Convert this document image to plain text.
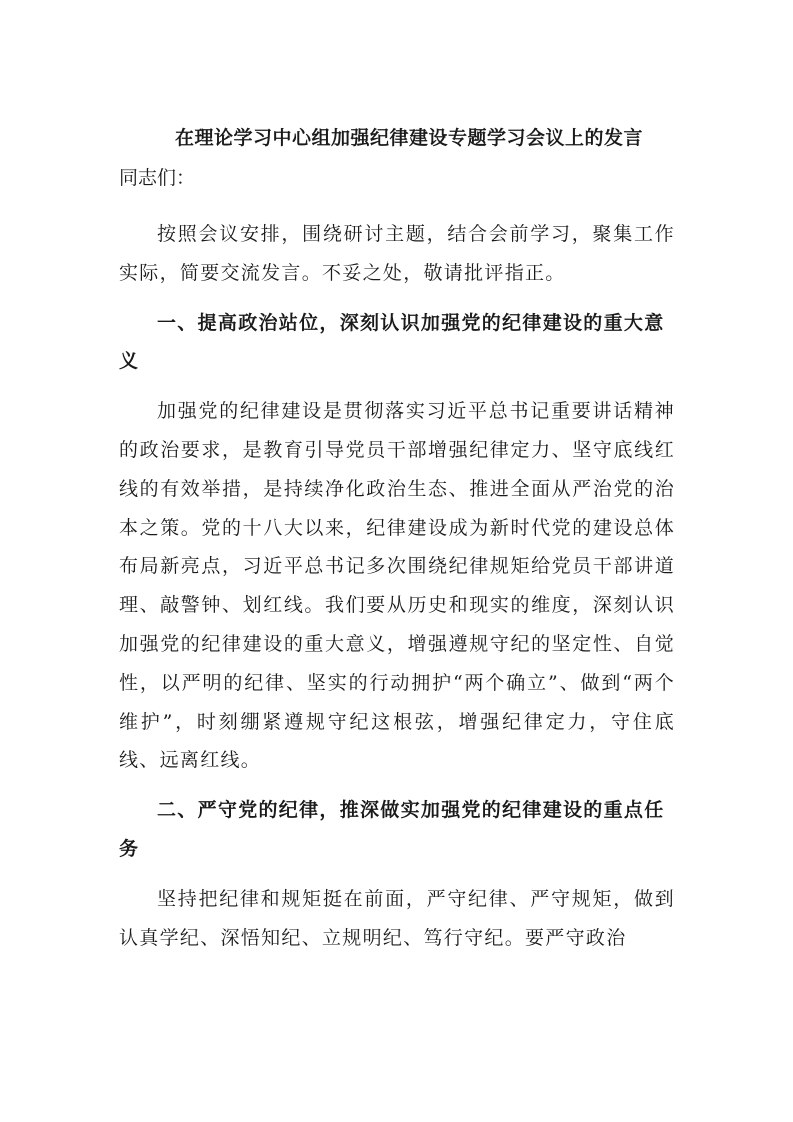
在理论学习中心组加强纪律建设专题学习会议上的发言

同志们：

按照会议安排，围绕研讨主题，结合会前学习，聚集工作实际，简要交流发言。不妥之处，敬请批评指正。

一、提高政治站位，深刻认识加强党的纪律建设的重大意义

加强党的纪律建设是贯彻落实习近平总书记重要讲话精神的政治要求，是教育引导党员干部增强纪律定力、坚守底线红线的有效举措，是持续净化政治生态、推进全面从严治党的治本之策。党的十八大以来，纪律建设成为新时代党的建设总体布局新亮点，习近平总书记多次围绕纪律规矩给党员干部讲道理、敲警钟、划红线。我们要从历史和现实的维度，深刻认识加强党的纪律建设的重大意义，增强遵规守纪的坚定性、自觉性，以严明的纪律、坚实的行动拥护“两个确立”、做到“两个维护”，时刻绷紧遵规守纪这根弦，增强纪律定力，守住底线、远离红线。

二、严守党的纪律，推深做实加强党的纪律建设的重点任务

坚持把纪律和规矩挺在前面，严守纪律、严守规矩，做到认真学纪、深悟知纪、立规明纪、笃行守纪。要严守政治
